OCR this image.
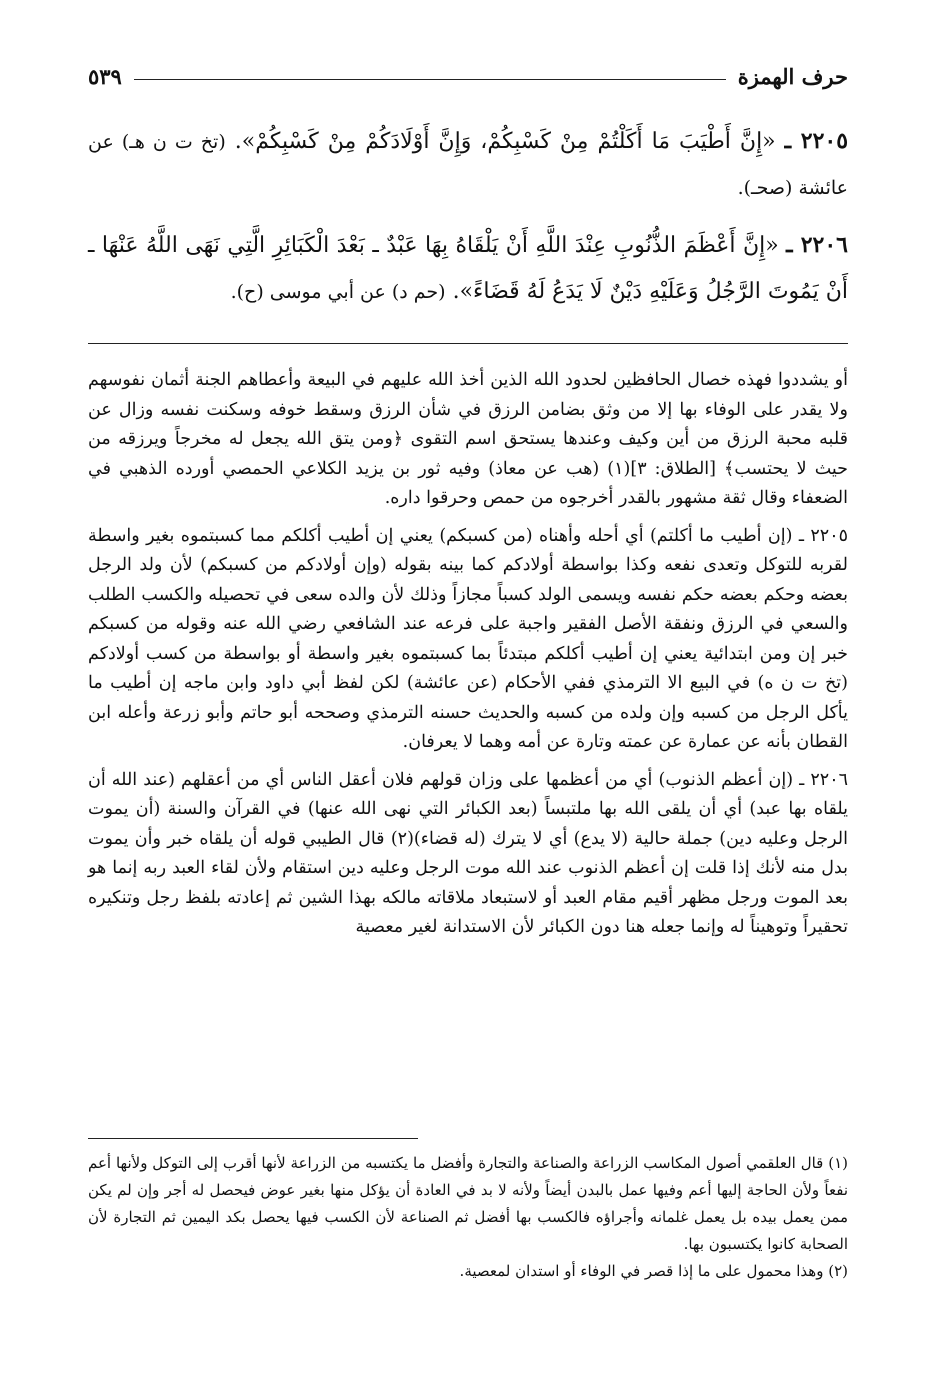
حرف الهمزة
٥٣٩
٢٢٠٥ ـ «إِنَّ أَطْيَبَ مَا أَكَلْتُمْ مِنْ كَسْبِكُمْ، وَإِنَّ أَوْلَادَكُمْ مِنْ كَسْبِكُمْ». (تخ ت ن هـ) عن عائشة (صحـ).
٢٢٠٦ ـ «إِنَّ أَعْظَمَ الذُّنُوبِ عِنْدَ اللَّهِ أَنْ يَلْقَاهُ بِهَا عَبْدٌ ـ بَعْدَ الْكَبَائِرِ الَّتِي نَهَى اللَّهُ عَنْهَا ـ أَنْ يَمُوتَ الرَّجُلُ وَعَلَيْهِ دَيْنٌ لَا يَدَعُ لَهُ قَضَاءً». (حم د) عن أبي موسى (ح).

أو يشددوا فهذه خصال الحافظين لحدود الله الذين أخذ الله عليهم في البيعة وأعطاهم الجنة أثمان نفوسهم ولا يقدر على الوفاء بها إلا من وثق بضامن الرزق في شأن الرزق وسقط خوفه وسكنت نفسه وزال عن قلبه محبة الرزق من أين وكيف وعندها يستحق اسم التقوى ﴿ومن يتق الله يجعل له مخرجاً ويرزقه من حيث لا يحتسب﴾ [الطلاق: ٣](١) (هب عن معاذ) وفيه ثور بن يزيد الكلاعي الحمصي أورده الذهبي في الضعفاء وقال ثقة مشهور بالقدر أخرجوه من حمص وحرقوا داره.

٢٢٠٥ ـ (إن أطيب ما أكلتم) أي أحله وأهناه (من كسبكم) يعني إن أطيب أكلكم مما كسبتموه بغير واسطة لقربه للتوكل وتعدى نفعه وكذا بواسطة أولادكم كما بينه بقوله (وإن أولادكم من كسبكم) لأن ولد الرجل بعضه وحكم بعضه حكم نفسه ويسمى الولد كسباً مجازاً وذلك لأن والده سعى في تحصيله والكسب الطلب والسعي في الرزق ونفقة الأصل الفقير واجبة على فرعه عند الشافعي رضي الله عنه وقوله من كسبكم خبر إن ومن ابتدائية يعني إن أطيب أكلكم مبتدئاً بما كسبتموه بغير واسطة أو بواسطة من كسب أولادكم (تخ ت ن ه) في البيع الا الترمذي ففي الأحكام (عن عائشة) لكن لفظ أبي داود وابن ماجه إن أطيب ما يأكل الرجل من كسبه وإن ولده من كسبه والحديث حسنه الترمذي وصححه أبو حاتم وأبو زرعة وأعله ابن القطان بأنه عن عمارة عن عمته وتارة عن أمه وهما لا يعرفان.

٢٢٠٦ ـ (إن أعظم الذنوب) أي من أعظمها على وزان قولهم فلان أعقل الناس أي من أعقلهم (عند الله أن يلقاه بها عبد) أي أن يلقى الله بها ملتبساً (بعد الكبائر التي نهى الله عنها) في القرآن والسنة (أن يموت الرجل وعليه دين) جملة حالية (لا يدع) أي لا يترك (له قضاء)(٢) قال الطيبي قوله أن يلقاه خبر وأن يموت بدل منه لأنك إذا قلت إن أعظم الذنوب عند الله موت الرجل وعليه دين استقام ولأن لقاء العبد ربه إنما هو بعد الموت ورجل مظهر أقيم مقام العبد أو لاستبعاد ملاقاته مالكه بهذا الشين ثم إعادته بلفظ رجل وتنكيره تحقيراً وتوهيناً له وإنما جعله هنا دون الكبائر لأن الاستدانة لغير معصية

(١) قال العلقمي أصول المكاسب الزراعة والصناعة والتجارة وأفضل ما يكتسبه من الزراعة لأنها أقرب إلى التوكل ولأنها أعم نفعاً ولأن الحاجة إليها أعم وفيها عمل بالبدن أيضاً ولأنه لا بد في العادة أن يؤكل منها بغير عوض فيحصل له أجر وإن لم يكن ممن يعمل بيده بل يعمل غلمانه وأجراؤه فالكسب بها أفضل ثم الصناعة لأن الكسب فيها يحصل بكد اليمين ثم التجارة لأن الصحابة كانوا يكتسبون بها.

(٢) وهذا محمول على ما إذا قصر في الوفاء أو استدان لمعصية.
